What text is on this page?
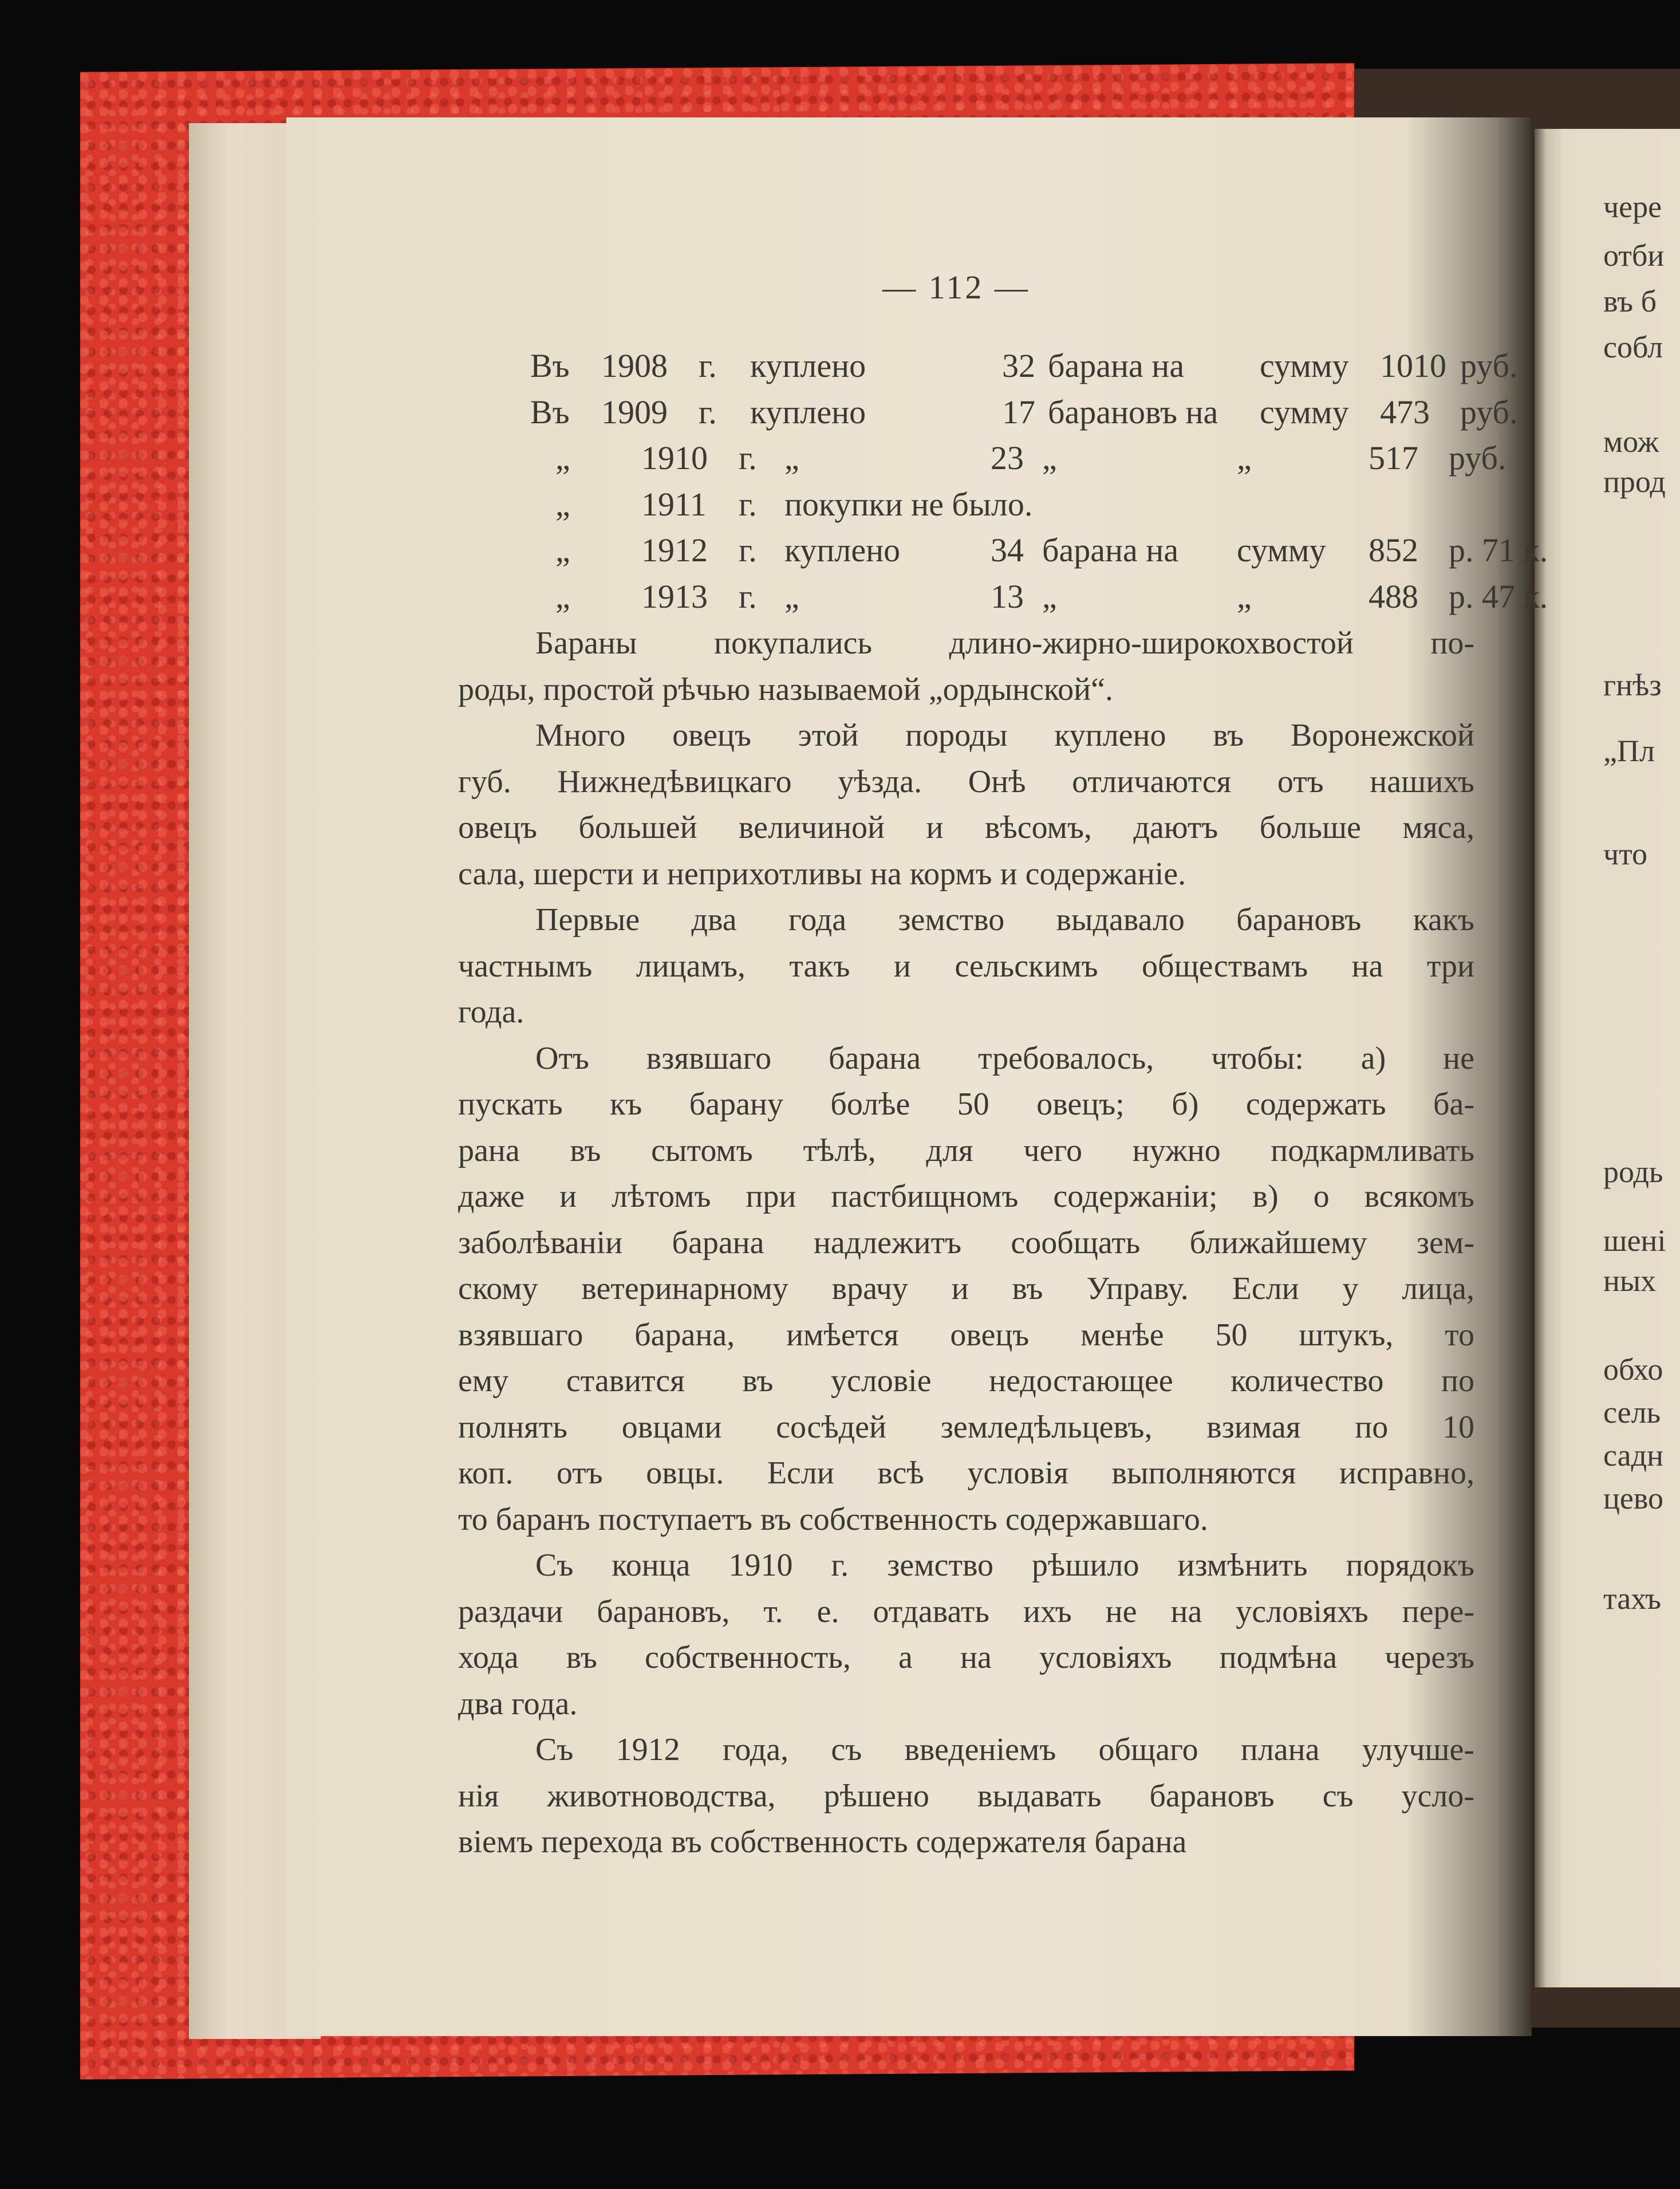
чере
отби
въ б
собл
мож
прод
гнѣз
„Пл
что
родь
шені
ных
обхо
сель
садн
цево
тахъ
— 112 —
Въ 1908 г. куплено	32 барана на сумму 1010 руб.
Въ 1909 г. куплено	17 барановъ на сумму 473 руб.
„ 1910 г. „	23 „	„	517 руб.
„ 1911 г. покупки не было.
„ 1912 г. куплено	34 барана на сумму 852 р. 71 к.
„ 1913 г. „	13 „	„	488 р. 47 к.
Бараны покупались длино-жирно-широкохвостой по-
роды, простой рѣчью называемой „ордынской“.
Много овецъ этой породы куплено въ Воронежской
губ. Нижнедѣвицкаго уѣзда. Онѣ отличаются отъ нашихъ
овецъ большей величиной и вѣсомъ, даютъ больше мяса,
сала, шерсти и неприхотливы на кормъ и содержаніе.
Первые два года земство выдавало барановъ какъ
частнымъ лицамъ, такъ и сельскимъ обществамъ на три
года.
Отъ взявшаго барана требовалось, чтобы: а) не
пускать къ барану болѣе 50 овецъ; б) содержать ба-
рана въ сытомъ тѣлѣ, для чего нужно подкармливать
даже и лѣтомъ при пастбищномъ содержаніи; в) о всякомъ
заболѣваніи барана надлежитъ сообщать ближайшему зем-
скому ветеринарному врачу и въ Управу. Если у лица,
взявшаго барана, имѣется овецъ менѣе 50 штукъ, то
ему ставится въ условіе недостающее количество по
полнять овцами сосѣдей земледѣльцевъ, взимая по 10
коп. отъ овцы. Если всѣ условія выполняются исправно,
то баранъ поступаетъ въ собственность содержавшаго.
Съ конца 1910 г. земство рѣшило измѣнить порядокъ
раздачи барановъ, т. е. отдавать ихъ не на условіяхъ пере-
хода въ собственность, а на условіяхъ подмѣна черезъ
два года.
Съ 1912 года, съ введеніемъ общаго плана улучше-
нія животноводства, рѣшено выдавать барановъ съ усло-
віемъ перехода въ собственность содержателя барана
